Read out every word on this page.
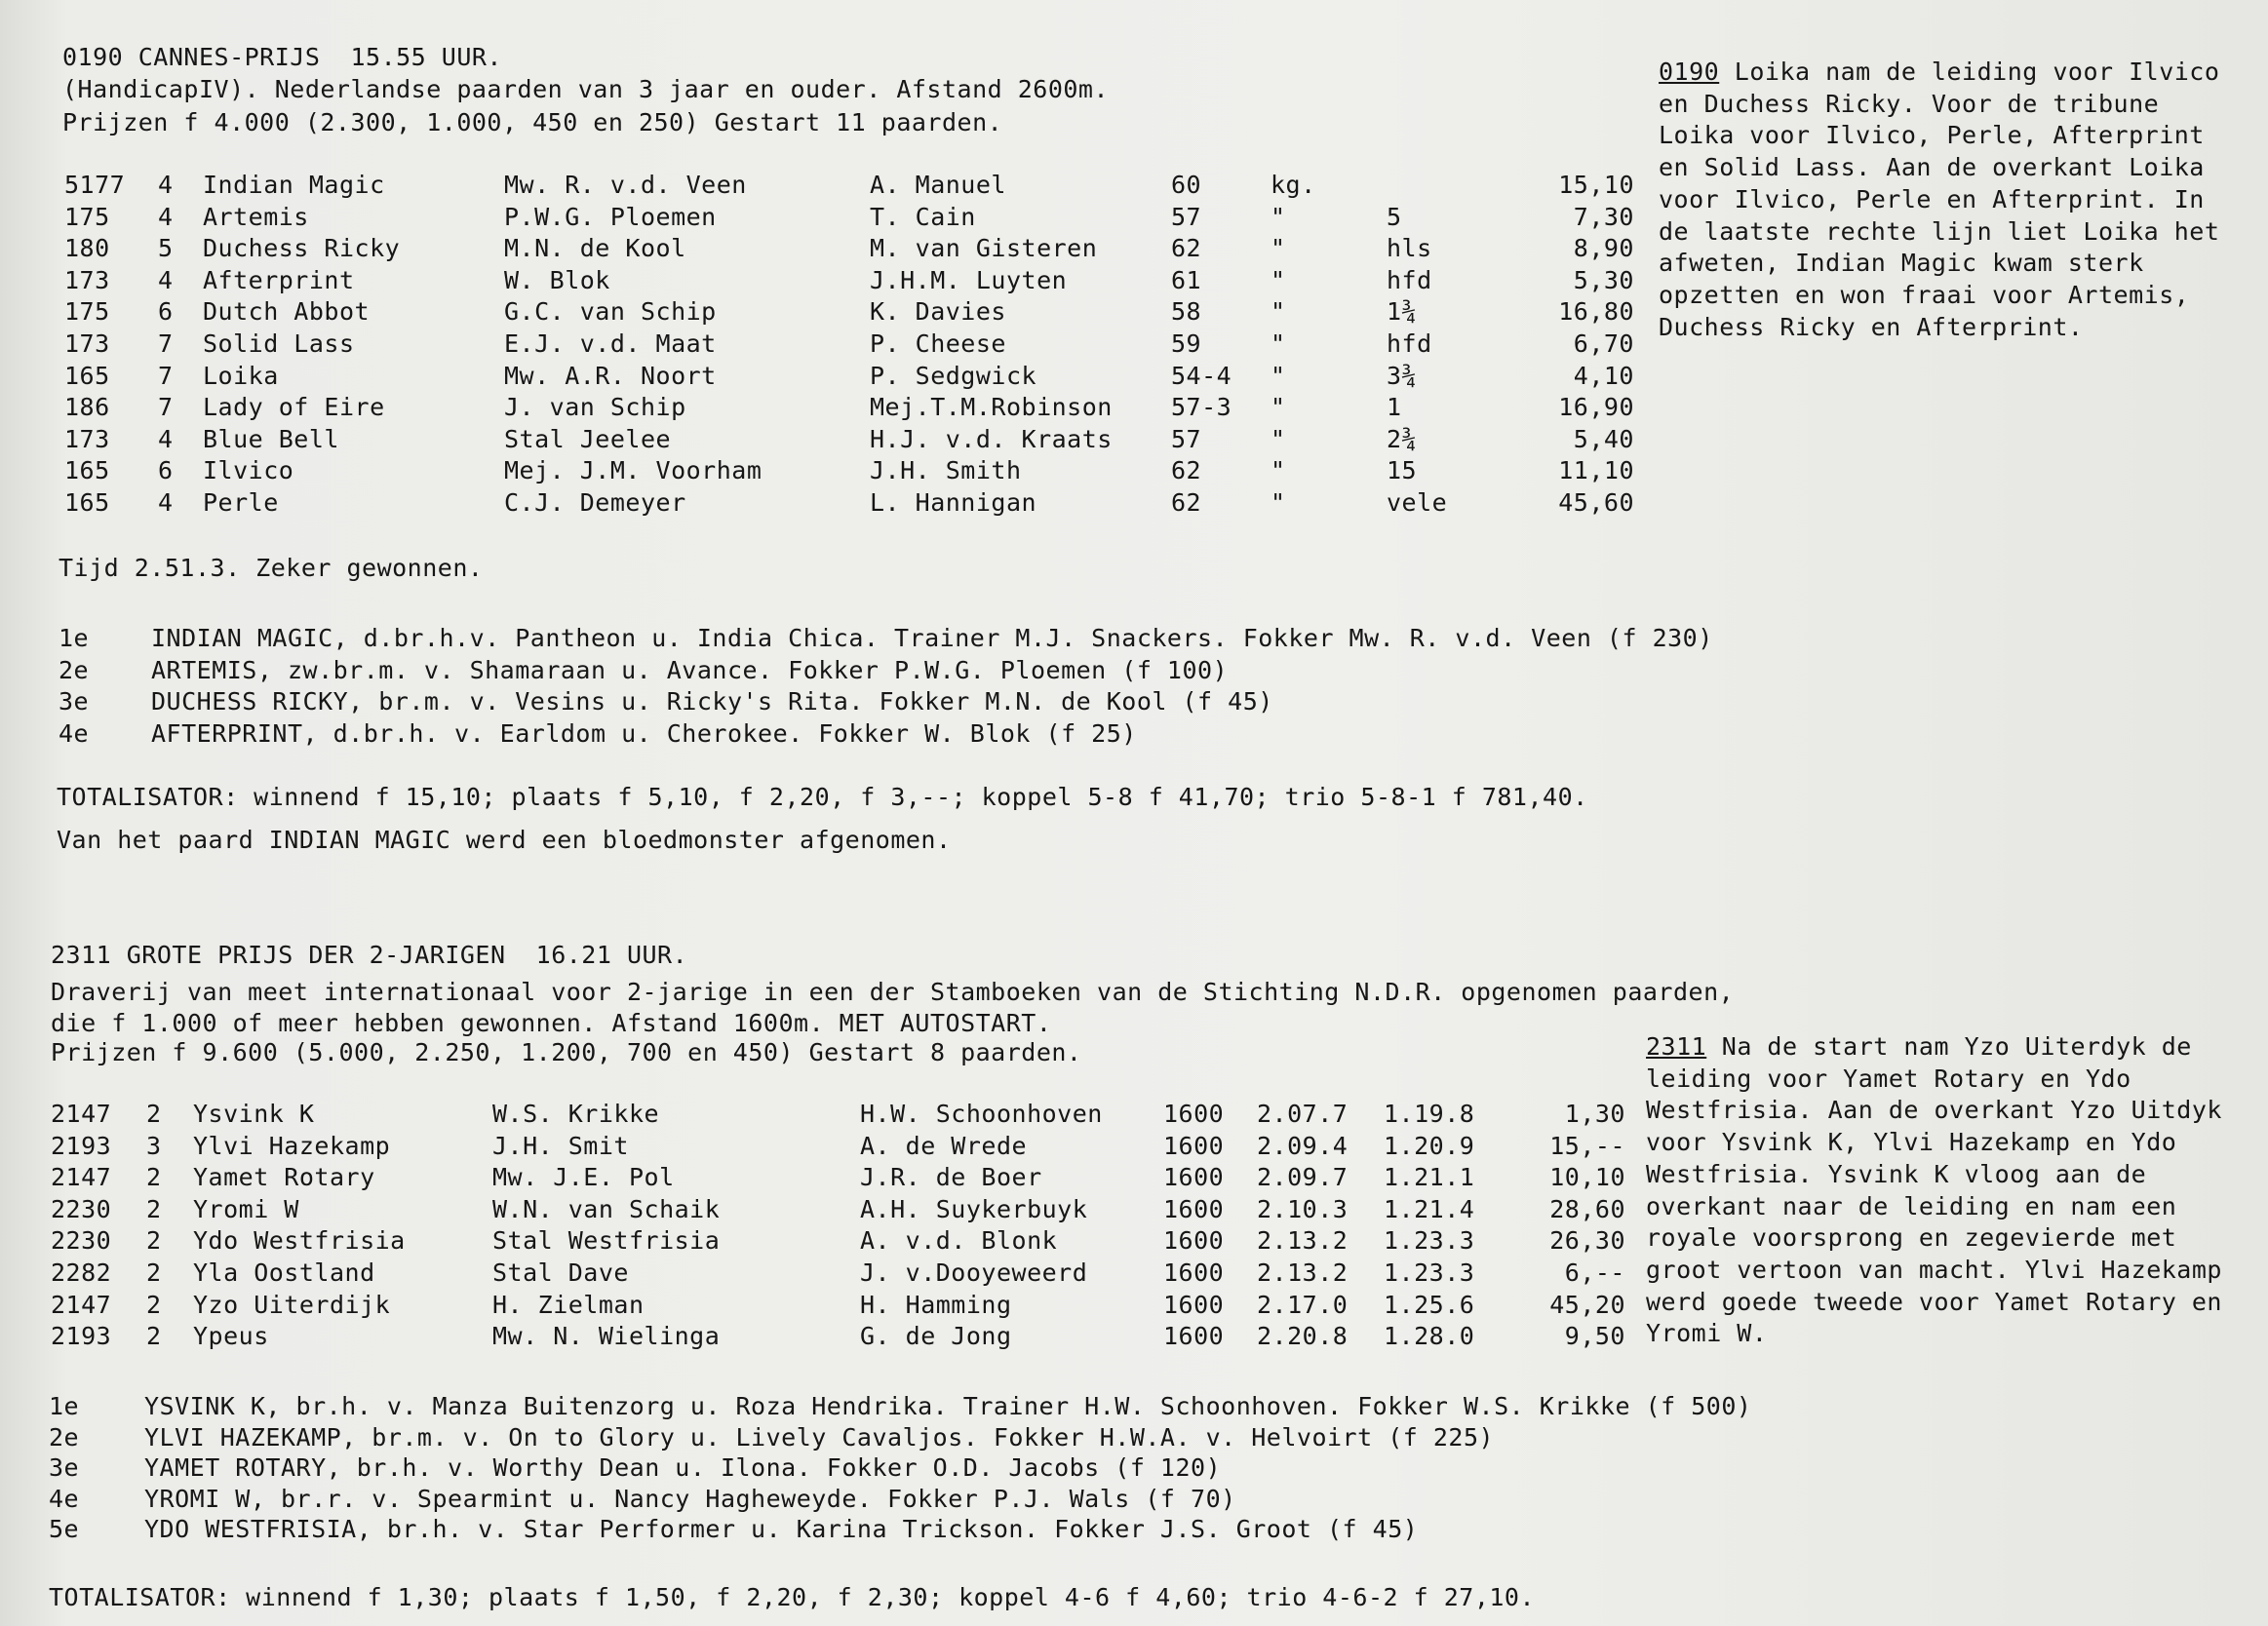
0190 CANNES-PRIJS  15.55 UUR.
(HandicapIV). Nederlandse paarden van 3 jaar en ouder. Afstand 2600m.
Prijzen f 4.000 (2.300, 1.000, 450 en 250) Gestart 11 paarden.
5177 4 Indian Magic	Mw. R. v.d. Veen	A. Manuel	60	kg.	15,10
175 4 Artemis	P.W.G. Ploemen	T. Cain	57	"	5	7,30
180 5 Duchess Ricky	M.N. de Kool	M. van Gisteren	62	"	hls	8,90
173 4 Afterprint	W. Blok	J.H.M. Luyten	61	"	hfd	5,30
175 6 Dutch Abbot	G.C. van Schip	K. Davies	58	"	1¾	16,80
173 7 Solid Lass	E.J. v.d. Maat	P. Cheese	59	"	hfd	6,70
165 7 Loika	Mw. A.R. Noort	P. Sedgwick	54-4 "	3¾	4,10
186 7 Lady of Eire	J. van Schip	Mej.T.M.Robinson 57-3 "	1	16,90
173 4 Blue Bell	Stal Jeelee	H.J. v.d. Kraats 57	"	2¾	5,40
165 6 Ilvico	Mej. J.M. Voorham	J.H. Smith	62	"	15	11,10
165 4 Perle	C.J. Demeyer	L. Hannigan	62	"	vele	45,60
Tijd 2.51.3. Zeker gewonnen.
1e	INDIAN MAGIC, d.br.h.v. Pantheon u. India Chica. Trainer M.J. Snackers. Fokker Mw. R. v.d. Veen (f 230)
2e	ARTEMIS, zw.br.m. v. Shamaraan u. Avance. Fokker P.W.G. Ploemen (f 100)
3e	DUCHESS RICKY, br.m. v. Vesins u. Ricky's Rita. Fokker M.N. de Kool (f 45)
4e	AFTERPRINT, d.br.h. v. Earldom u. Cherokee. Fokker W. Blok (f 25)
TOTALISATOR: winnend f 15,10; plaats f 5,10, f 2,20, f 3,--; koppel 5-8 f 41,70; trio 5-8-1 f 781,40.
Van het paard INDIAN MAGIC werd een bloedmonster afgenomen.
0190 Loika nam de leiding voor Ilvico en Duchess Ricky. Voor de tribune Loika voor Ilvico, Perle, Afterprint en Solid Lass. Aan de overkant Loika voor Ilvico, Perle en Afterprint. In de laatste rechte lijn liet Loika het afweten, Indian Magic kwam sterk opzetten en won fraai voor Artemis, Duchess Ricky en Afterprint.
2311 GROTE PRIJS DER 2-JARIGEN  16.21 UUR.
Draverij van meet internationaal voor 2-jarige in een der Stamboeken van de Stichting N.D.R. opgenomen paarden,
die f 1.000 of meer hebben gewonnen. Afstand 1600m. MET AUTOSTART.
Prijzen f 9.600 (5.000, 2.250, 1.200, 700 en 450) Gestart 8 paarden.
2147 2 Ysvink K	W.S. Krikke	H.W. Schoonhoven 1600 2.07.7 1.19.8	1,30
2193 3 Ylvi Hazekamp	J.H. Smit	A. de Wrede	1600 2.09.4 1.20.9	15,--
2147 2 Yamet Rotary	Mw. J.E. Pol	J.R. de Boer	1600 2.09.7 1.21.1	10,10
2230 2 Yromi W	W.N. van Schaik	A.H. Suykerbuyk	1600 2.10.3 1.21.4	28,60
2230 2 Ydo Westfrisia	Stal Westfrisia	A. v.d. Blonk	1600 2.13.2 1.23.3	26,30
2282 2 Yla Oostland	Stal Dave	J. v.Dooyeweerd	1600 2.13.2 1.23.3	6,--
2147 2 Yzo Uiterdijk	H. Zielman	H. Hamming	1600 2.17.0 1.25.6	45,20
2193 2 Ypeus	Mw. N. Wielinga	G. de Jong	1600 2.20.8 1.28.0	9,50
1e	YSVINK K, br.h. v. Manza Buitenzorg u. Roza Hendrika. Trainer H.W. Schoonhoven. Fokker W.S. Krikke (f 500)
2e	YLVI HAZEKAMP, br.m. v. On to Glory u. Lively Cavaljos. Fokker H.W.A. v. Helvoirt (f 225)
3e	YAMET ROTARY, br.h. v. Worthy Dean u. Ilona. Fokker O.D. Jacobs (f 120)
4e	YROMI W, br.r. v. Spearmint u. Nancy Hagheweyde. Fokker P.J. Wals (f 70)
5e	YDO WESTFRISIA, br.h. v. Star Performer u. Karina Trickson. Fokker J.S. Groot (f 45)
TOTALISATOR: winnend f 1,30; plaats f 1,50, f 2,20, f 2,30; koppel 4-6 f 4,60; trio 4-6-2 f 27,10.
2311 Na de start nam Yzo Uiterdyk de leiding voor Yamet Rotary en Ydo Westfrisia. Aan de overkant Yzo Uitdyk voor Ysvink K, Ylvi Hazekamp en Ydo Westfrisia. Ysvink K vloog aan de overkant naar de leiding en nam een royale voorsprong en zegevierde met groot vertoon van macht. Ylvi Hazekamp werd goede tweede voor Yamet Rotary en Yromi W.
